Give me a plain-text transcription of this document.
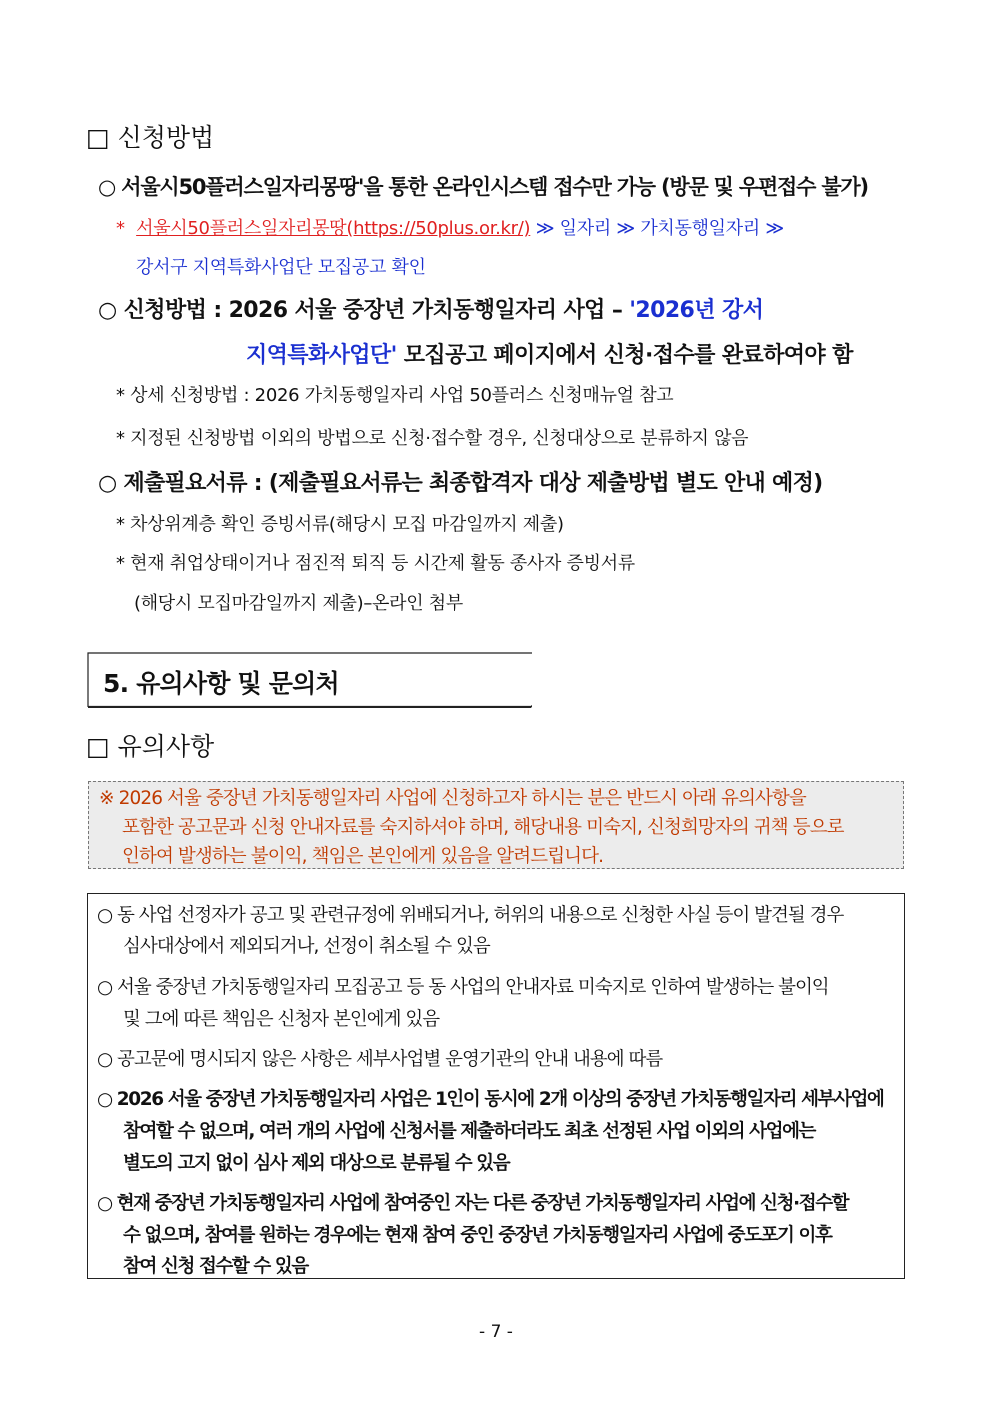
□ 신청방법
○ 서울시50플러스일자리몽땅'을 통한 온라인시스템 접수만 가능 (방문 및 우편접수 불가)
* 서울시50플러스일자리몽땅(https://50plus.or.kr/) ≫ 일자리 ≫ 가치동행일자리 ≫
강서구 지역특화사업단 모집공고 확인
○ 신청방법 : 2026 서울 중장년 가치동행일자리 사업 – '2026년 강서
지역특화사업단' 모집공고 페이지에서 신청·접수를 완료하여야 함
* 상세 신청방법 : 2026 가치동행일자리 사업 50플러스 신청매뉴얼 참고
* 지정된 신청방법 이외의 방법으로 신청·접수할 경우, 신청대상으로 분류하지 않음
○ 제출필요서류 : (제출필요서류는 최종합격자 대상 제출방법 별도 안내 예정)
* 차상위계층 확인 증빙서류(해당시 모집 마감일까지 제출)
* 현재 취업상태이거나 점진적 퇴직 등 시간제 활동 종사자 증빙서류
(해당시 모집마감일까지 제출)–온라인 첨부
5. 유의사항 및 문의처
□ 유의사항
※ 2026 서울 중장년 가치동행일자리 사업에 신청하고자 하시는 분은 반드시 아래 유의사항을
포함한 공고문과 신청 안내자료를 숙지하셔야 하며, 해당내용 미숙지, 신청희망자의 귀책 등으로
인하여 발생하는 불이익, 책임은 본인에게 있음을 알려드립니다.
○ 동 사업 선정자가 공고 및 관련규정에 위배되거나, 허위의 내용으로 신청한 사실 등이 발견될 경우
심사대상에서 제외되거나, 선정이 취소될 수 있음
○ 서울 중장년 가치동행일자리 모집공고 등 동 사업의 안내자료 미숙지로 인하여 발생하는 불이익
및 그에 따른 책임은 신청자 본인에게 있음
○ 공고문에 명시되지 않은 사항은 세부사업별 운영기관의 안내 내용에 따름
○ 2026 서울 중장년 가치동행일자리 사업은 1인이 동시에 2개 이상의 중장년 가치동행일자리 세부사업에
참여할 수 없으며, 여러 개의 사업에 신청서를 제출하더라도 최초 선정된 사업 이외의 사업에는
별도의 고지 없이 심사 제외 대상으로 분류될 수 있음
○ 현재 중장년 가치동행일자리 사업에 참여중인 자는 다른 중장년 가치동행일자리 사업에 신청·접수할
수 없으며, 참여를 원하는 경우에는 현재 참여 중인 중장년 가치동행일자리 사업에 중도포기 이후
참여 신청 접수할 수 있음
- 7 -
